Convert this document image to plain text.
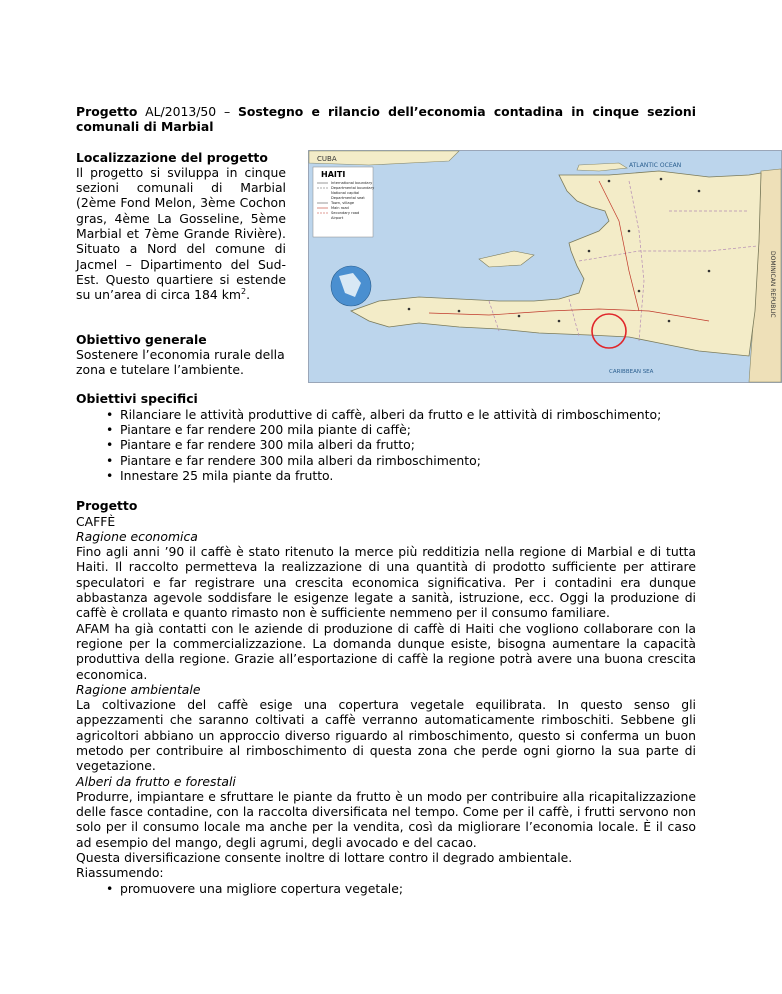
Progetto AL/2013/50 – Sostegno e rilancio dell’economia contadina in cinque sezioni comunali di Marbial

Localizzazione del progetto

Il progetto si sviluppa in cinque sezioni comunali di Marbial (2ème Fond Melon, 3ème Cochon gras, 4ème La Gosseline, 5ème Marbial et 7ème Grande Rivière). Situato a Nord del comune di Jacmel – Dipartimento del Sud-Est. Questo quartiere si estende su un’area di circa 184 $km^2$.

Obiettivo generale

Sostenere l’economia rurale della zona e tutelare l’ambiente.

CUBA
DOMINICAN REPUBLIC
HAITI
International boundary
Departmental boundary
National capital
Departmental seat
Town, village
Main road
Secondary road
Airport
ATLANTIC OCEAN
CARIBBEAN SEA
Obiettivi specifici
• Rilanciare le attività produttive di caffè, alberi da frutto e le attività di rimboschimento;
• Piantare e far rendere 200 mila piante di caffè;
• Piantare e far rendere 300 mila alberi da frutto;
• Piantare e far rendere 300 mila alberi da rimboschimento;
• Innestare 25 mila piante da frutto.
Progetto
CAFFÈ
Ragione economica

Fino agli anni ’90 il caffè è stato ritenuto la merce più redditizia nella regione di Marbial e di tutta Haiti. Il raccolto permetteva la realizzazione di una quantità di prodotto sufficiente per attirare speculatori e far registrare una crescita economica significativa. Per i contadini era dunque abbastanza agevole soddisfare le esigenze legate a sanità, istruzione, ecc. Oggi la produzione di caffè è crollata e quanto rimasto non è sufficiente nemmeno per il consumo familiare.

AFAM ha già contatti con le aziende di produzione di caffè di Haiti che vogliono collaborare con la regione per la commercializzazione. La domanda dunque esiste, bisogna aumentare la capacità produttiva della regione. Grazie all’esportazione di caffè la regione potrà avere una buona crescita economica.

Ragione ambientale

La coltivazione del caffè esige una copertura vegetale equilibrata. In questo senso gli appezzamenti che saranno coltivati a caffè verranno automaticamente rimboschiti. Sebbene gli agricoltori abbiano un approccio diverso riguardo al rimboschimento, questo si conferma un buon metodo per contribuire al rimboschimento di questa zona che perde ogni giorno la sua parte di vegetazione.

Alberi da frutto e forestali

Produrre, impiantare e sfruttare le piante da frutto è un modo per contribuire alla ricapitalizzazione delle fasce contadine, con la raccolta diversificata nel tempo. Come per il caffè, i frutti servono non solo per il consumo locale ma anche per la vendita, così da migliorare l’economia locale. È il caso ad esempio del mango, degli agrumi, degli avocado e del cacao.

Questa diversificazione consente inoltre di lottare contro il degrado ambientale.

Riassumendo:
• promuovere una migliore copertura vegetale;
